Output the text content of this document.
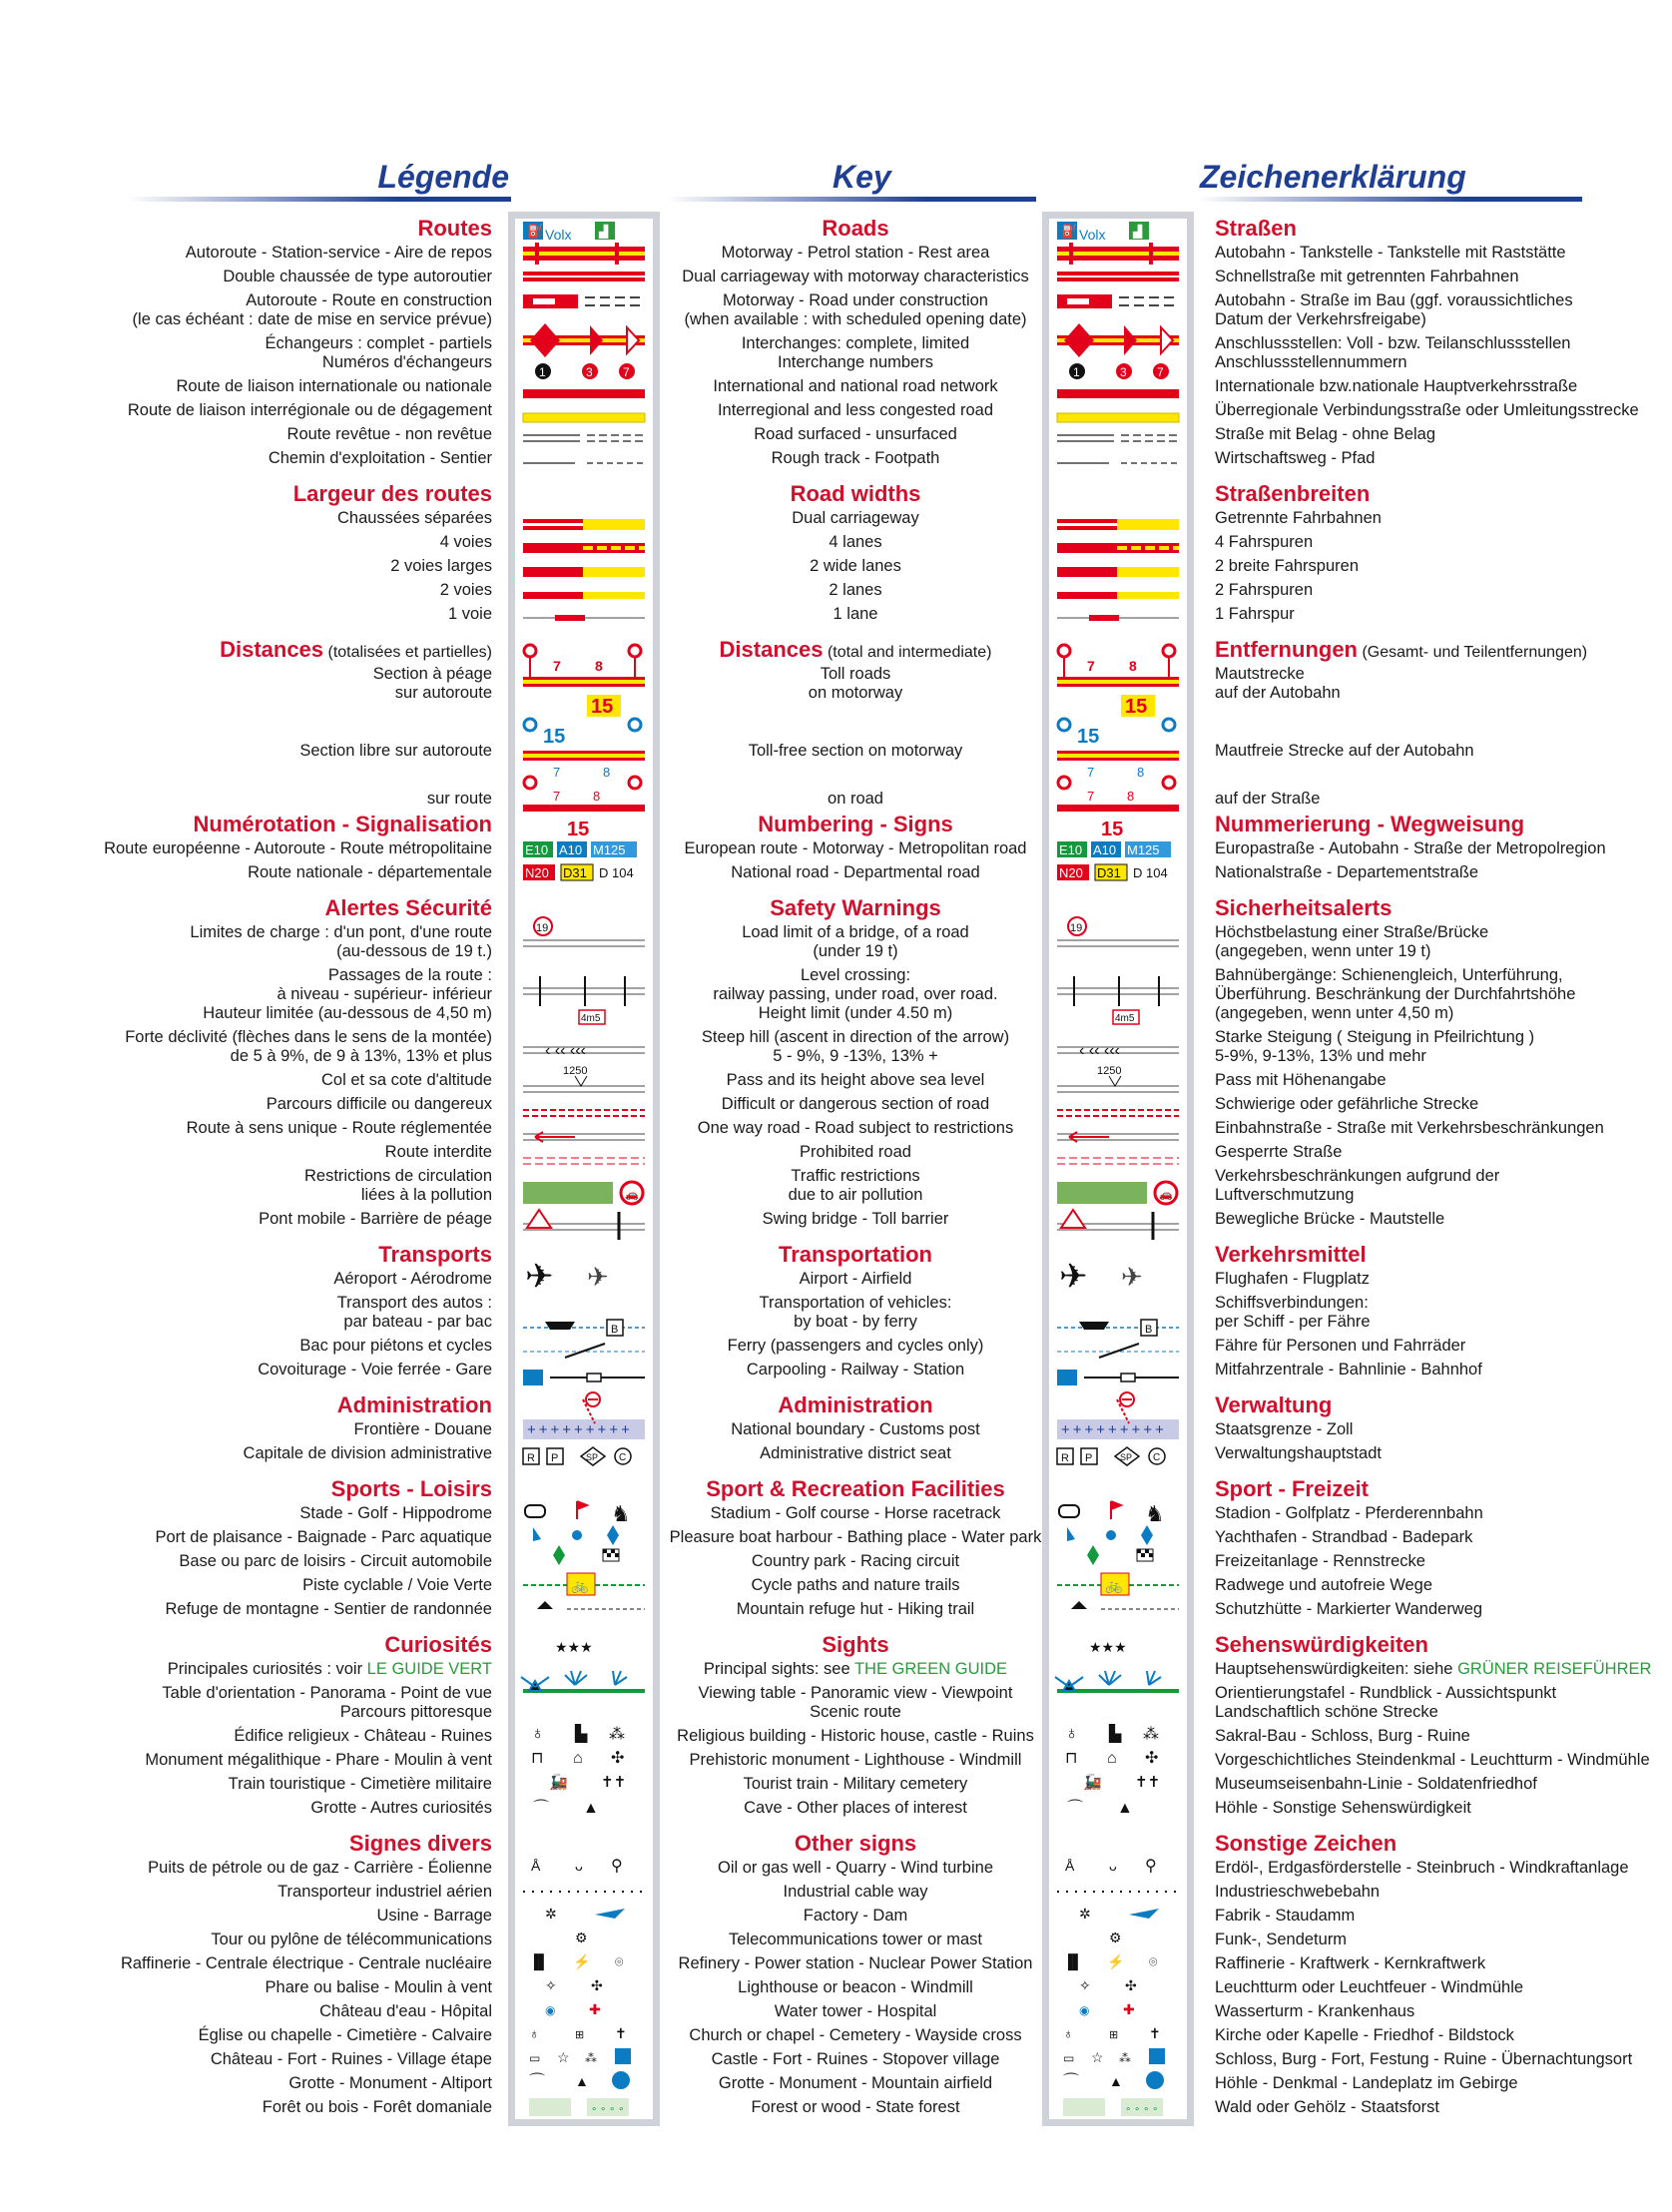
Légende	Key	Zeichenerklärung
Routes
Autoroute - Station-service - Aire de repos
Double chaussée de type autoroutier
Autoroute - Route en construction
(le cas échéant : date de mise en service prévue)
Échangeurs : complet - partiels
Numéros d'échangeurs
Route de liaison internationale ou nationale
Route de liaison interrégionale ou de dégagement
Route revêtue - non revêtue
Chemin d'exploitation - Sentier
Largeur des routes
Chaussées séparées
4 voies
2 voies larges
2 voies
1 voie
Distances (totalisées et partielles)
Section à péage
sur autoroute
Section libre sur autoroute
sur route
Numérotation - Signalisation
Route européenne - Autoroute - Route métropolitaine
Route nationale - départementale
Alertes Sécurité
Limites de charge : d'un pont, d'une route
(au-dessous de 19 t.)
Passages de la route :
à niveau - supérieur- inférieur
Hauteur limitée (au-dessous de 4,50 m)
Forte déclivité (flèches dans le sens de la montée)
de 5 à 9%, de 9 à 13%, 13% et plus
Col et sa cote d'altitude
Parcours difficile ou dangereux
Route à sens unique - Route réglementée
Route interdite
Restrictions de circulation
liées à la pollution
Pont mobile - Barrière de péage
Transports
Aéroport - Aérodrome
Transport des autos :
par bateau - par bac
Bac pour piétons et cycles
Covoiturage - Voie ferrée - Gare
Administration
Frontière - Douane
Capitale de division administrative
Sports - Loisirs
Stade - Golf - Hippodrome
Port de plaisance - Baignade - Parc aquatique
Base ou parc de loisirs - Circuit automobile
Piste cyclable / Voie Verte
Refuge de montagne - Sentier de randonnée
Curiosités
Principales curiosités : voir LE GUIDE VERT
Table d'orientation - Panorama - Point de vue
Parcours pittoresque
Édifice religieux - Château - Ruines
Monument mégalithique - Phare - Moulin à vent
Train touristique - Cimetière militaire
Grotte - Autres curiosités
Signes divers
Puits de pétrole ou de gaz - Carrière - Éolienne
Transporteur industriel aérien
Usine - Barrage
Tour ou pylône de télécommunications
Raffinerie - Centrale électrique - Centrale nucléaire
Phare ou balise - Moulin à vent
Château d'eau - Hôpital
Église ou chapelle - Cimetière - Calvaire
Château - Fort - Ruines - Village étape
Grotte - Monument - Altiport
Forêt ou bois - Forêt domaniale
Roads
Motorway - Petrol station - Rest area
Dual carriageway with motorway characteristics
Motorway - Road under construction
(when available : with scheduled opening date)
Interchanges: complete, limited
Interchange numbers
International and national road network
Interregional and less congested road
Road surfaced - unsurfaced
Rough track - Footpath
Road widths
Dual carriageway
4 lanes
2 wide lanes
2 lanes
1 lane
Distances (total and intermediate)
Toll roads
on motorway
Toll-free section on motorway
on road
Numbering - Signs
European route - Motorway - Metropolitan road
National road - Departmental road
Safety Warnings
Load limit of a bridge, of a road
(under 19 t)
Level crossing:
railway passing, under road, over road.
Height limit (under 4.50 m)
Steep hill (ascent in direction of the arrow)
5 - 9%, 9 -13%, 13% +
Pass and its height above sea level
Difficult or dangerous section of road
One way road - Road subject to restrictions
Prohibited road
Traffic restrictions
due to air pollution
Swing bridge - Toll barrier
Transportation
Airport - Airfield
Transportation of vehicles:
by boat - by ferry
Ferry (passengers and cycles only)
Carpooling - Railway - Station
Administration
National boundary - Customs post
Administrative district seat
Sport & Recreation Facilities
Stadium - Golf course - Horse racetrack
Pleasure boat harbour - Bathing place - Water park
Country park - Racing circuit
Cycle paths and nature trails
Mountain refuge hut - Hiking trail
Sights
Principal sights: see THE GREEN GUIDE
Viewing table - Panoramic view - Viewpoint
Scenic route
Religious building - Historic house, castle - Ruins
Prehistoric monument - Lighthouse - Windmill
Tourist train - Military cemetery
Cave - Other places of interest
Other signs
Oil or gas well - Quarry - Wind turbine
Industrial cable way
Factory - Dam
Telecommunications tower or mast
Refinery - Power station - Nuclear Power Station
Lighthouse or beacon - Windmill
Water tower - Hospital
Church or chapel - Cemetery - Wayside cross
Castle - Fort - Ruines - Stopover village
Grotte - Monument - Mountain airfield
Forest or wood - State forest
Straßen
Autobahn - Tankstelle - Tankstelle mit Raststätte
Schnellstraße mit getrennten Fahrbahnen
Autobahn - Straße im Bau (ggf. voraussichtliches
Datum der Verkehrsfreigabe)
Anschlussstellen: Voll - bzw. Teilanschlussstellen
Anschlussstellennummern
Internationale bzw.nationale Hauptverkehrsstraße
Überregionale Verbindungsstraße oder Umleitungsstrecke
Straße mit Belag - ohne Belag
Wirtschaftsweg - Pfad
Straßenbreiten
Getrennte Fahrbahnen
4 Fahrspuren
2 breite Fahrspuren
2 Fahrspuren
1 Fahrspur
Entfernungen (Gesamt- und Teilentfernungen)
Mautstrecke
auf der Autobahn
Mautfreie Strecke auf der Autobahn
auf der Straße
Nummerierung - Wegweisung
Europastraße - Autobahn - Straße der Metropolregion
Nationalstraße - Departementstraße
Sicherheitsalerts
Höchstbelastung einer Straße/Brücke
(angegeben, wenn unter 19 t)
Bahnübergänge: Schienengleich, Unterführung,
Überführung. Beschränkung der Durchfahrtshöhe
(angegeben, wenn unter 4,50 m)
Starke Steigung ( Steigung in Pfeilrichtung )
5-9%, 9-13%, 13% und mehr
Pass mit Höhenangabe
Schwierige oder gefährliche Strecke
Einbahnstraße - Straße mit Verkehrsbeschränkungen
Gesperrte Straße
Verkehrsbeschränkungen aufgrund der
Luftverschmutzung
Bewegliche Brücke - Mautstelle
Verkehrsmittel
Flughafen - Flugplatz
Schiffsverbindungen:
per Schiff - per Fähre
Fähre für Personen und Fahrräder
Mitfahrzentrale - Bahnlinie - Bahnhof
Verwaltung
Staatsgrenze - Zoll
Verwaltungshauptstadt
Sport - Freizeit
Stadion - Golfplatz - Pferderennbahn
Yachthafen - Strandbad - Badepark
Freizeitanlage - Rennstrecke
Radwege und autofreie Wege
Schutzhütte - Markierter Wanderweg
Sehenswürdigkeiten
Hauptsehenswürdigkeiten: siehe GRÜNER REISEFÜHRER
Orientierungstafel - Rundblick - Aussichtspunkt
Landschaftlich schöne Strecke
Sakral-Bau - Schloss, Burg - Ruine
Vorgeschichtliches Steindenkmal - Leuchtturm - Windmühle
Museumseisenbahn-Linie - Soldatenfriedhof
Höhle - Sonstige Sehenswürdigkeit
Sonstige Zeichen
Erdöl-, Erdgasförderstelle - Steinbruch - Windkraftanlage
Industrieschwebebahn
Fabrik - Staudamm
Funk-, Sendeturm
Raffinerie - Kraftwerk - Kernkraftwerk
Leuchtturm oder Leuchtfeuer - Windmühle
Wasserturm - Krankenhaus
Kirche oder Kapelle - Friedhof - Bildstock
Schloss, Burg - Fort, Festung - Ruine - Übernachtungsort
Höhle - Denkmal - Landeplatz im Gebirge
Wald oder Gehölz - Staatsforst
